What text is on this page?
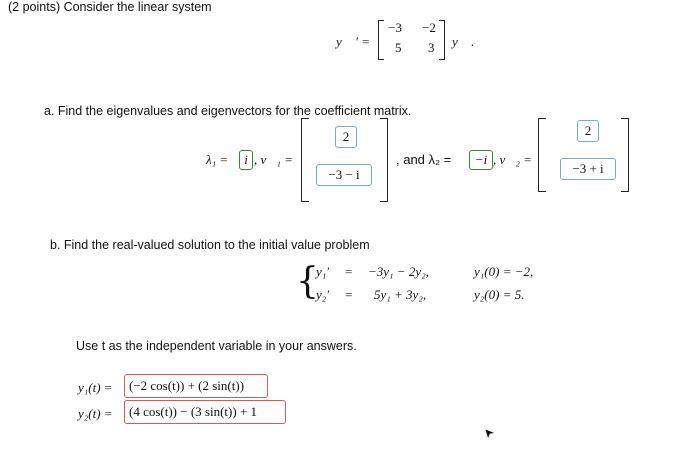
(2 points) Consider the linear system
y⃗ ′ =
−3 −2
5 3 y⃗ .
a. Find the eigenvalues and eigenvectors for the coefficient matrix.
λ₁ =	i , v⃗₁ =
2
−3 − i
, and λ₂ =	−i , v⃗₂ =
2
−3 + i
b. Find the real-valued solution to the initial value problem
{
y₁′ = −3y₁ − 2y₂,	y₁(0) = −2,
y₂′ = 5y₁ + 3y₂,	y₂(0) = 5.
Use t as the independent variable in your answers.
y₁(t) =	(−2 cos(t)) + (2 sin(t))
y₂(t) =	(4 cos(t)) − (3 sin(t)) + 1
